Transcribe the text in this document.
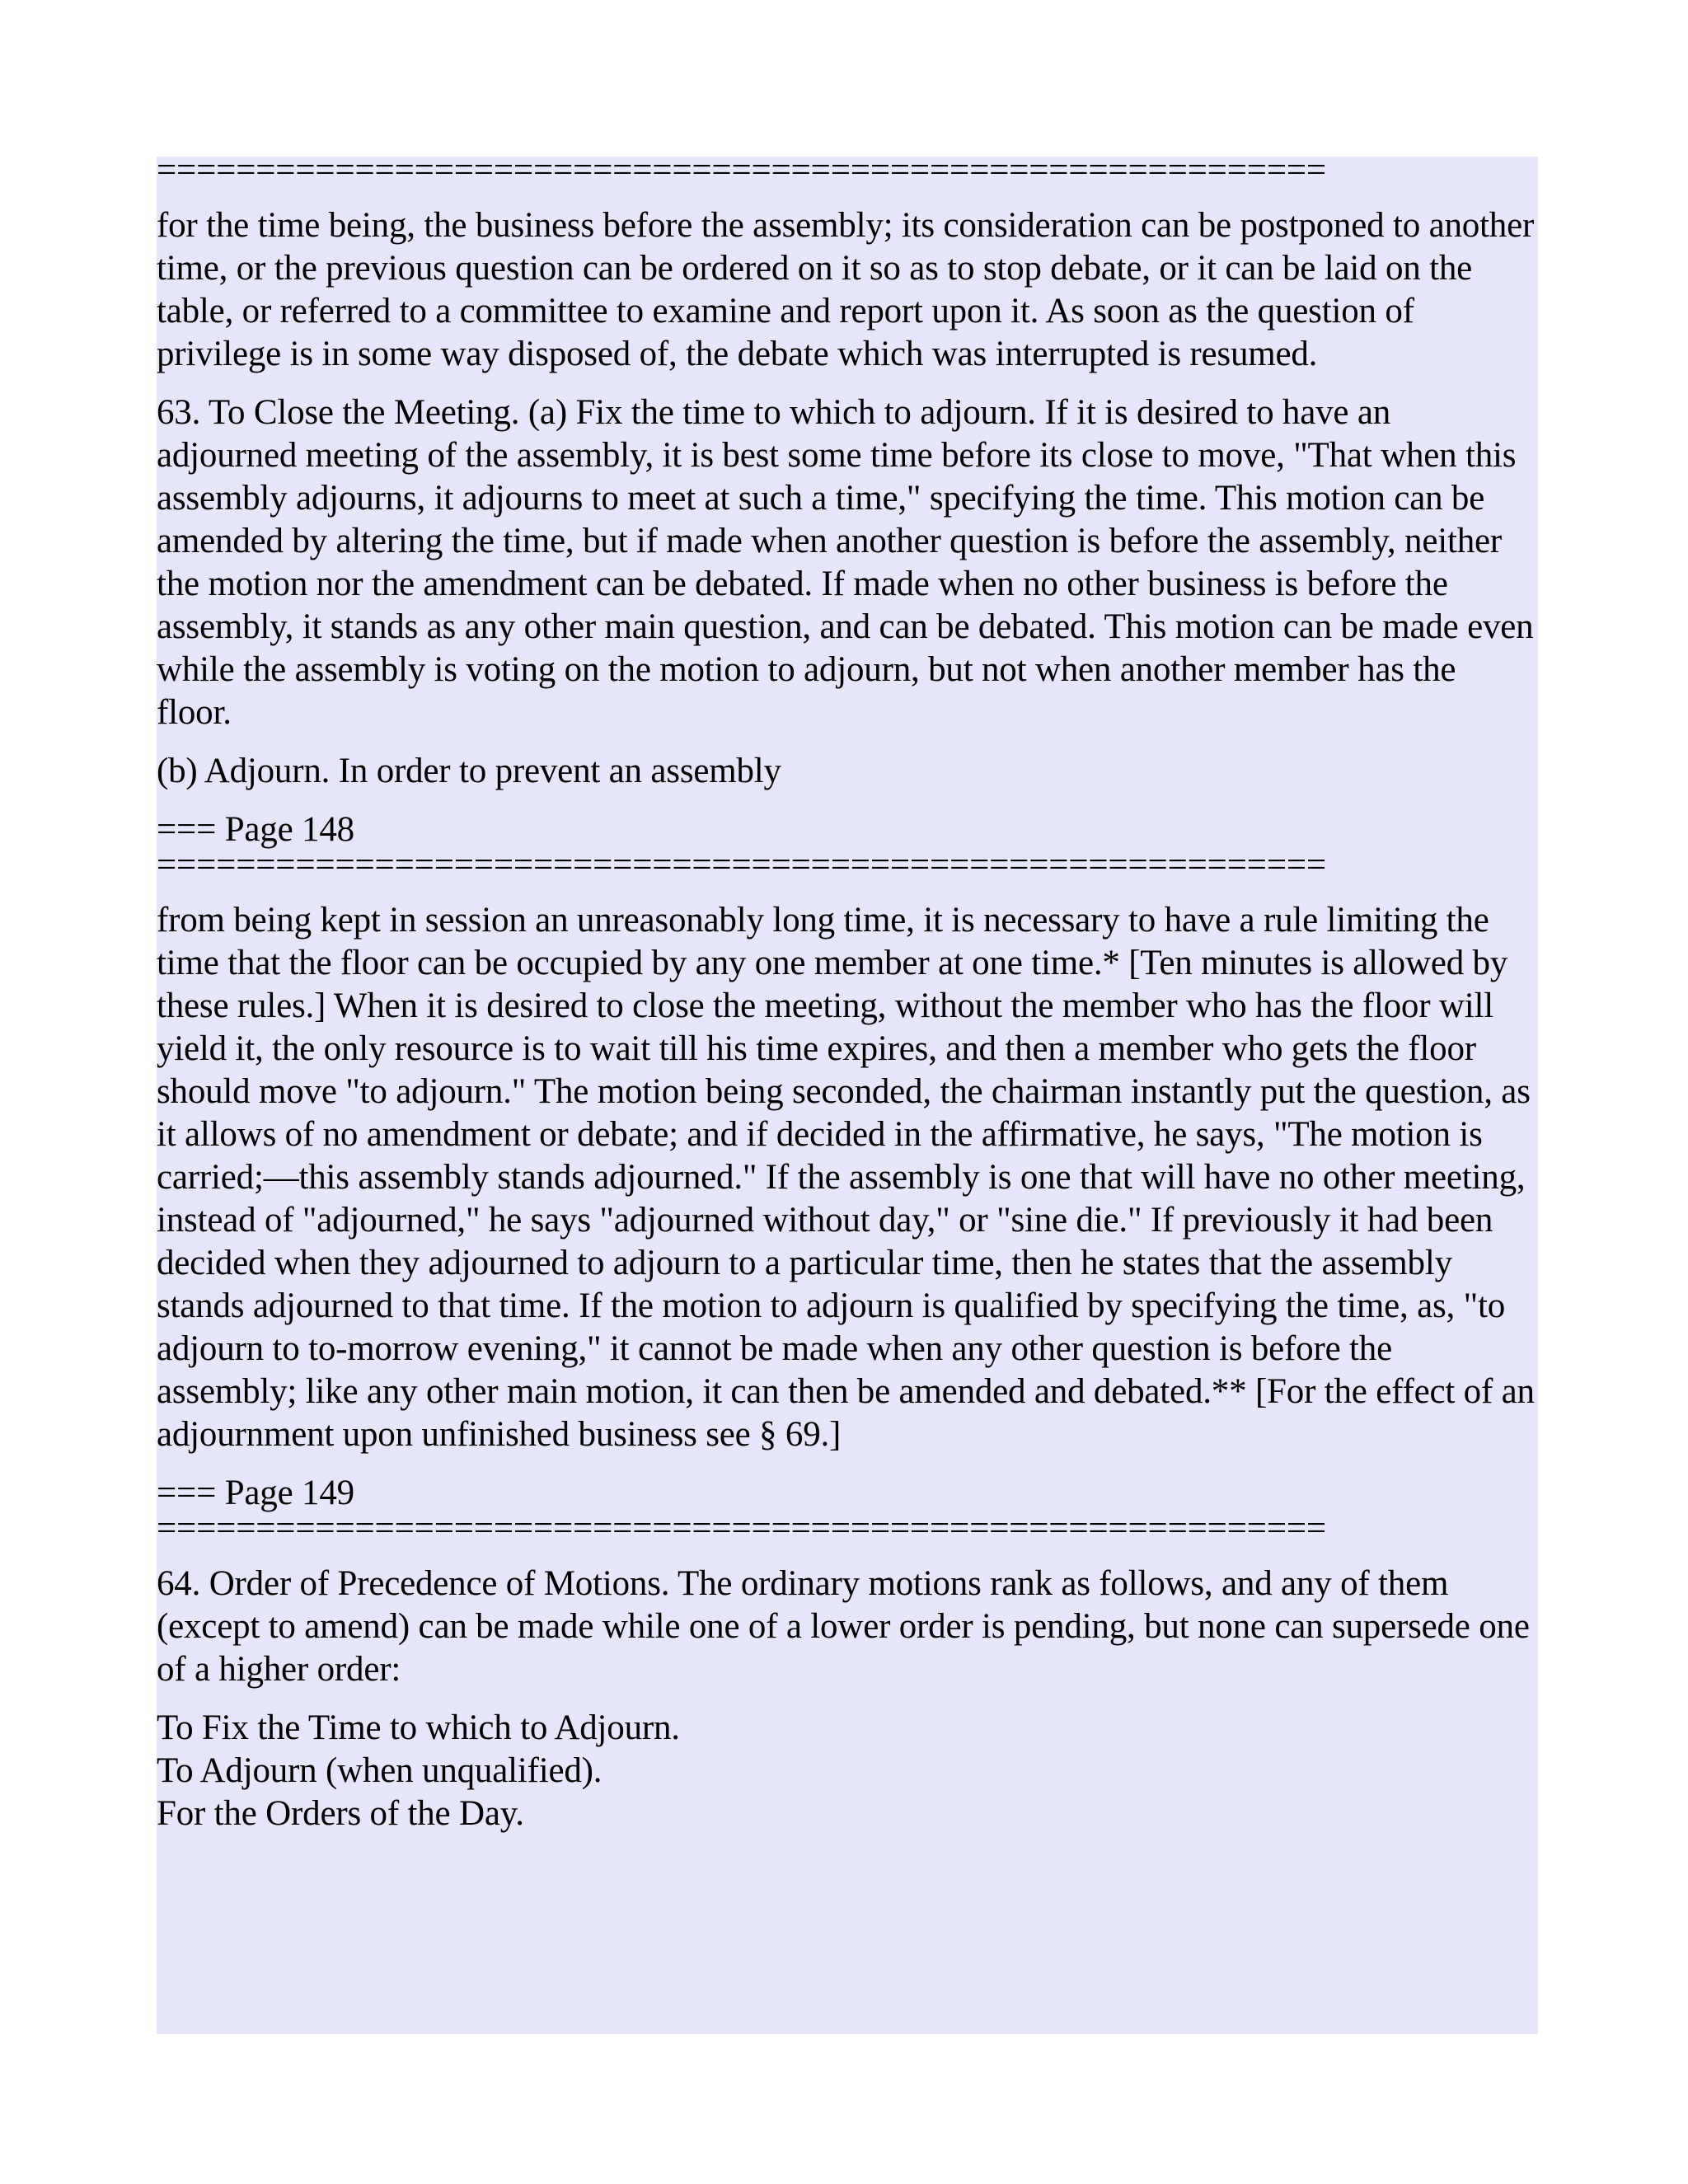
===========================================================

for the time being, the business before the assembly; its consideration can be postponed to another time, or the previous question can be ordered on it so as to stop debate, or it can be laid on the table, or referred to a committee to examine and report upon it. As soon as the question of privilege is in some way disposed of, the debate which was interrupted is resumed.

63. To Close the Meeting. (a) Fix the time to which to adjourn. If it is desired to have an adjourned meeting of the assembly, it is best some time before its close to move, "That when this assembly adjourns, it adjourns to meet at such a time," specifying the time. This motion can be amended by altering the time, but if made when another question is before the assembly, neither the motion nor the amendment can be debated. If made when no other business is before the assembly, it stands as any other main question, and can be debated. This motion can be made even while the assembly is voting on the motion to adjourn, but not when another member has the floor.

(b) Adjourn. In order to prevent an assembly

=== Page 148
===========================================================

from being kept in session an unreasonably long time, it is necessary to have a rule limiting the time that the floor can be occupied by any one member at one time.* [Ten minutes is allowed by these rules.] When it is desired to close the meeting, without the member who has the floor will yield it, the only resource is to wait till his time expires, and then a member who gets the floor should move "to adjourn." The motion being seconded, the chairman instantly put the question, as it allows of no amendment or debate; and if decided in the affirmative, he says, "The motion is carried;—this assembly stands adjourned." If the assembly is one that will have no other meeting, instead of "adjourned," he says "adjourned without day," or "sine die." If previously it had been decided when they adjourned to adjourn to a particular time, then he states that the assembly stands adjourned to that time. If the motion to adjourn is qualified by specifying the time, as, "to adjourn to to-morrow evening," it cannot be made when any other question is before the assembly; like any other main motion, it can then be amended and debated.** [For the effect of an adjournment upon unfinished business see § 69.]

=== Page 149
===========================================================

64. Order of Precedence of Motions. The ordinary motions rank as follows, and any of them (except to amend) can be made while one of a lower order is pending, but none can supersede one of a higher order:

To Fix the Time to which to Adjourn.
To Adjourn (when unqualified).
For the Orders of the Day.
